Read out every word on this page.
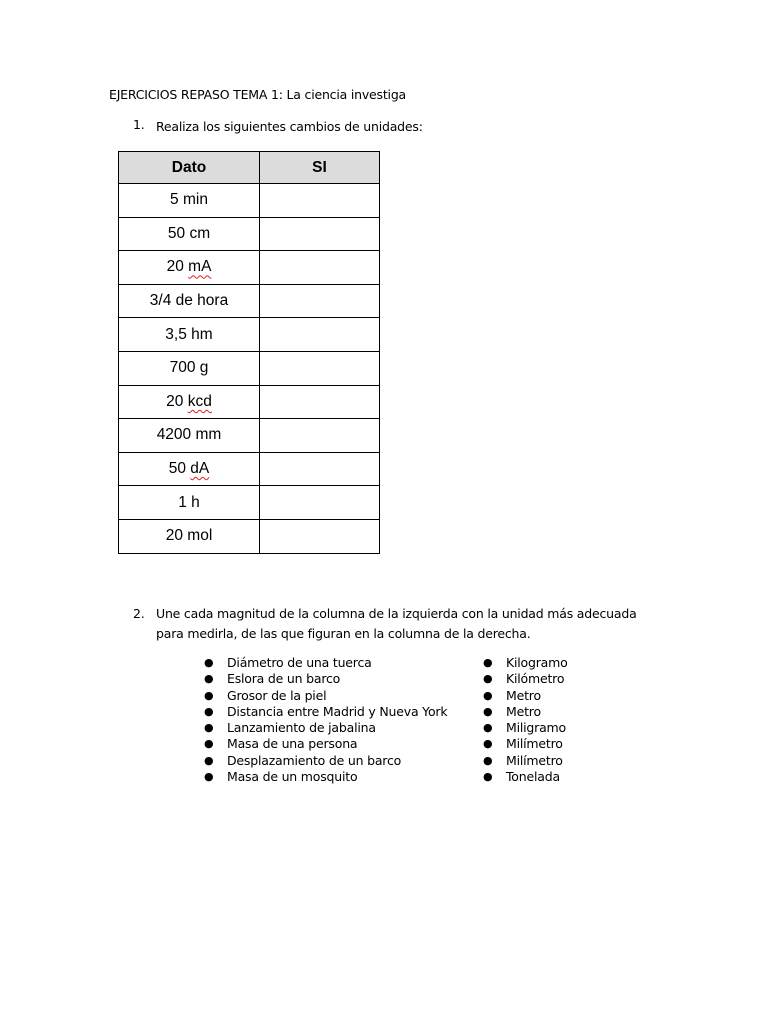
EJERCICIOS REPASO TEMA 1: La ciencia investiga
1. Realiza los siguientes cambios de unidades:
Dato	SI
5 min	
50 cm	
20 mA	
3/4 de hora	
3,5 hm	
700 g	
20 kcd	
4200 mm	
50 dA	
1 h	
20 mol	
2. Une cada magnitud de la columna de la izquierda con la unidad más adecuada para medirla, de las que figuran en la columna de la derecha.
● Diámetro de una tuerca
● Eslora de un barco
● Grosor de la piel
● Distancia entre Madrid y Nueva York
● Lanzamiento de jabalina
● Masa de una persona
● Desplazamiento de un barco
● Masa de un mosquito
● Kilogramo
● Kilómetro
● Metro
● Metro
● Miligramo
● Milímetro
● Milímetro
● Tonelada
